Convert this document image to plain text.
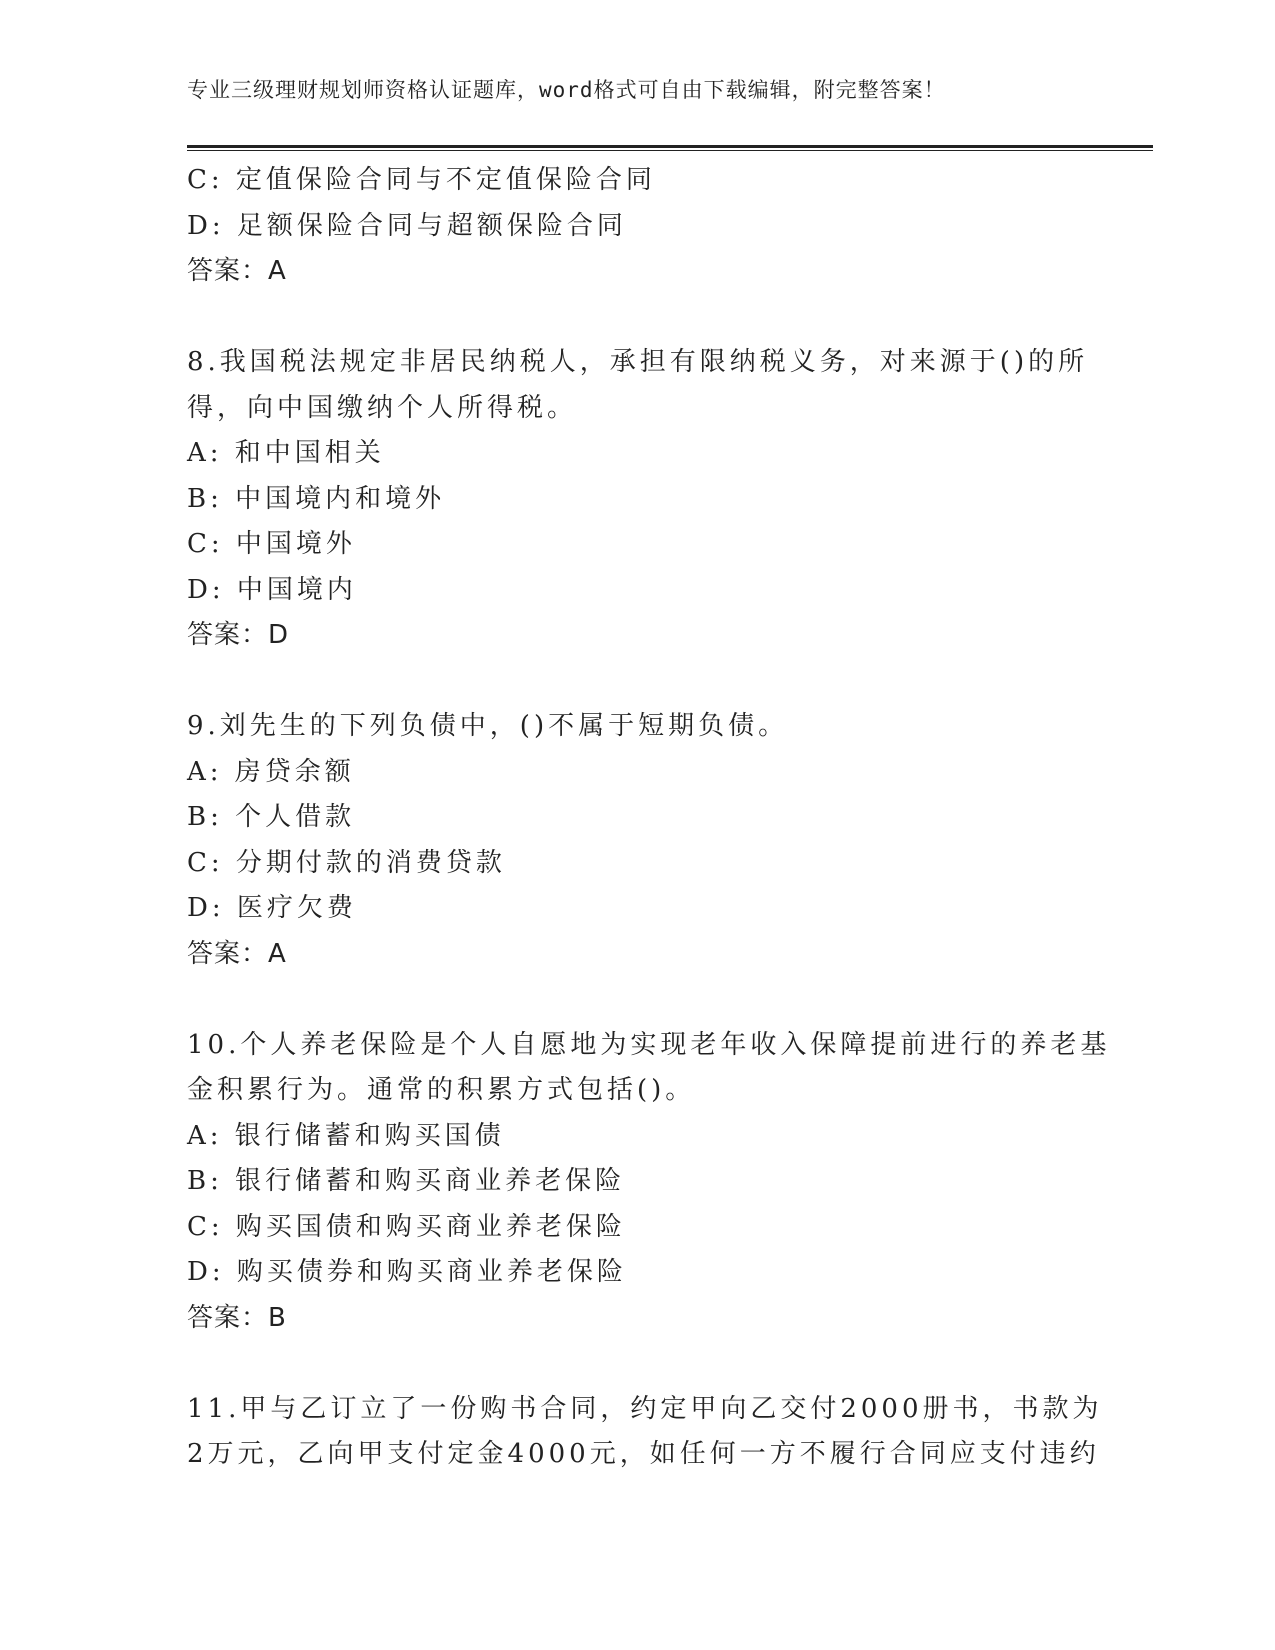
专业三级理财规划师资格认证题库，word格式可自由下载编辑，附完整答案！
C: 定值保险合同与不定值保险合同
D: 足额保险合同与超额保险合同
答案：A
8.我国税法规定非居民纳税人，承担有限纳税义务，对来源于()的所
得，向中国缴纳个人所得税。
A: 和中国相关
B: 中国境内和境外
C: 中国境外
D: 中国境内
答案：D
9.刘先生的下列负债中，()不属于短期负债。
A: 房贷余额
B: 个人借款
C: 分期付款的消费贷款
D: 医疗欠费
答案：A
10.个人养老保险是个人自愿地为实现老年收入保障提前进行的养老基
金积累行为。通常的积累方式包括()。
A: 银行储蓄和购买国债
B: 银行储蓄和购买商业养老保险
C: 购买国债和购买商业养老保险
D: 购买债券和购买商业养老保险
答案：B
11.甲与乙订立了一份购书合同，约定甲向乙交付2000册书，书款为
2万元，乙向甲支付定金4000元，如任何一方不履行合同应支付违约
